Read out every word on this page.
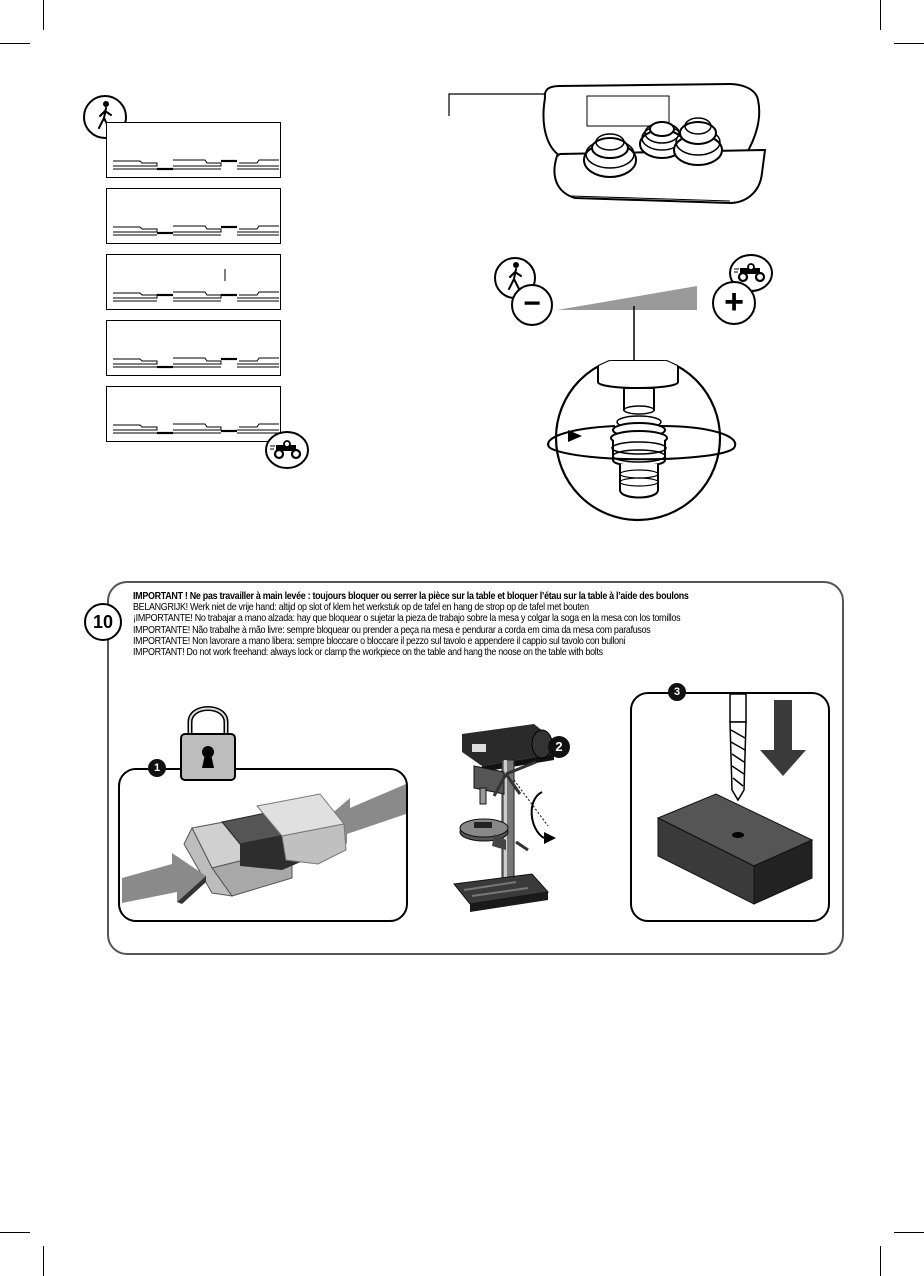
−	+
10
IMPORTANT ! Ne pas travailler à main levée : toujours bloquer ou serrer la pièce sur la table et bloquer l’étau sur la table à l’aide des boulons
BELANGRIJK! Werk niet de vrije hand: altijd op slot of klem het werkstuk op de tafel en hang de strop op de tafel met bouten
¡IMPORTANTE! No trabajar a mano alzada: hay que bloquear o sujetar la pieza de trabajo sobre la mesa y colgar la soga en la mesa con los tornillos
IMPORTANTE! Não trabalhe à mão livre: sempre bloquear ou prender a peça na mesa e pendurar a corda em cima da mesa com parafusos
IMPORTANTE! Non lavorare a mano libera: sempre bloccare o bloccare il pezzo sul tavolo e appendere il cappio sul tavolo con bulloni
IMPORTANT! Do not work freehand: always lock or clamp the workpiece on the table and hang the noose on the table with bolts
1
2
3
